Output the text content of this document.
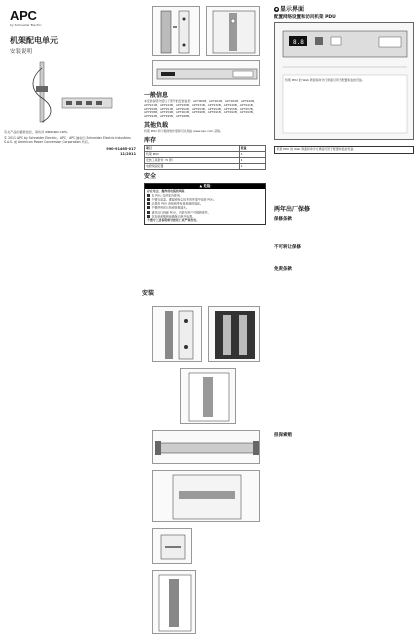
APC
by Schneider Electric
机架配电单元
安装说明
有关产品的最新信息，请访问 www.apc.com。
© 2011 APC by Schneider Electric。APC、APC 徽标归 Schneider Electric Industries S.A.S. 或 American Power Conversion Corporation 所有。
990-91465-017
11/2011
一般信息
本安装说明介绍以下型号的安装信息：AP7900B、AP7901B、AP7902B、AP7920B、AP7921B、AP7922B、AP7930B、AP7931B、AP7932B、AP7940B、AP7941B、AP7950B、AP7951B、AP7952B、AP7953B、AP7954B、AP7955B、AP7957B、AP7958B、AP7959B、AP7961B、AP7990B、AP7991B、AP7992B、AP7993B、AP7994B、AP7995B、AP7998B。
其他负载
机架 PDU 和下载的软件更新可从网站 www.apc.com 获取。
库存
项目	数量
机架 PDU	1
安装工具套件（5 套）	1
电源线固定器	1
安全
▲ 危险
存在电击、爆炸或电弧的风险
本 PDU 仅供室内使用。
不要在高温、潮湿或粉尘较多的环境中安装 PDU。
必须将 PDU 连接到带有接地端的插座。
不要使用延长线或转换插头。
请勿自行拆卸 PDU，内部无用户可维修部件。
在安装或维修前确保已断开电源。
不遵守上述说明将导致死亡或严重伤害。
安装
● 显示界面
配置网络设置和访问机架 PDU
8.8
机架 PDU 的 Web 界面和命令行界面可用于配置和监控设备。
机架 PDU 的 Web 界面和命令行界面可用于配置和监控设备。
两年出厂保修
保修条款
不可转让保修
免责条款
担保索赔
